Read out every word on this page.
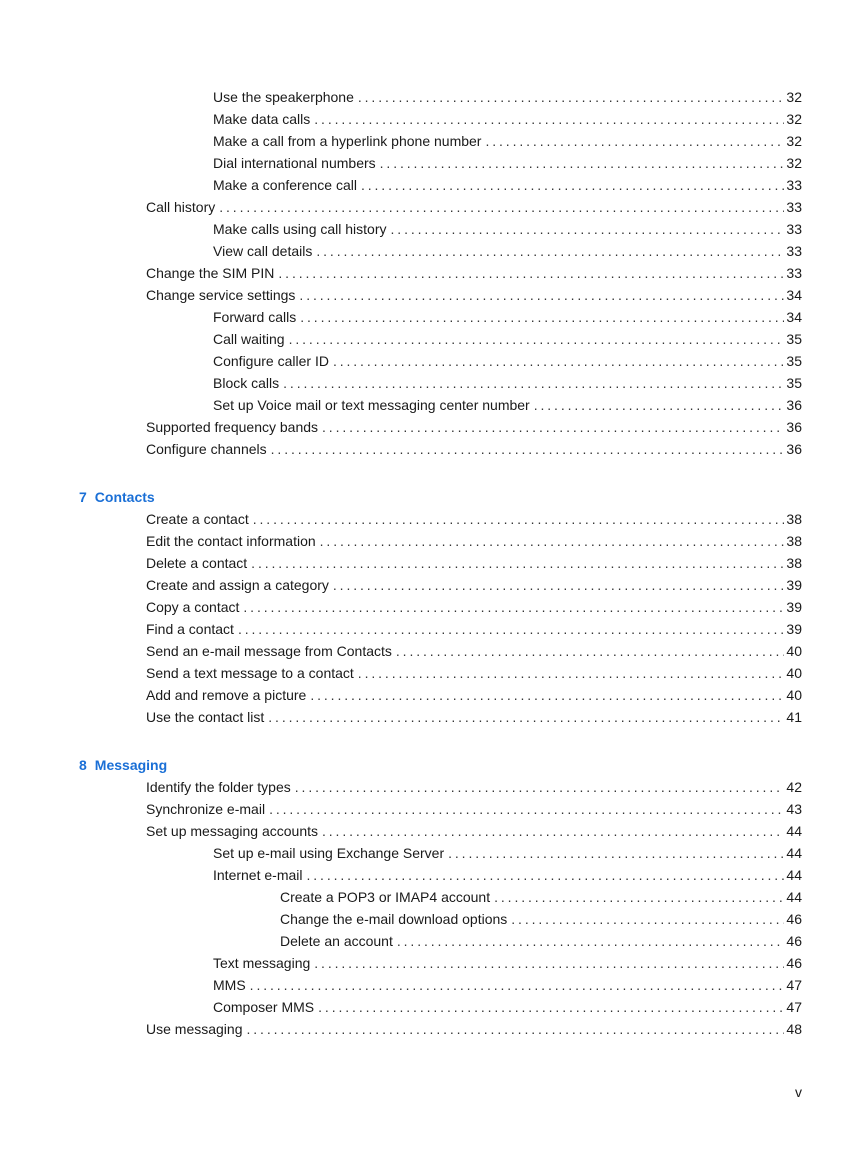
Use the speakerphone . . .	32
Make data calls . . .	32
Make a call from a hyperlink phone number . . .	32
Dial international numbers . . .	32
Make a conference call . . .	33
Call history . . .	33
Make calls using call history . . .	33
View call details . . .	33
Change the SIM PIN . . .	33
Change service settings . . .	34
Forward calls . . .	34
Call waiting . . .	35
Configure caller ID . . .	35
Block calls . . .	35
Set up Voice mail or text messaging center number . . .	36
Supported frequency bands . . .	36
Configure channels . . .	36
7 Contacts
Create a contact . . .	38
Edit the contact information . . .	38
Delete a contact . . .	38
Create and assign a category . . .	39
Copy a contact . . .	39
Find a contact . . .	39
Send an e-mail message from Contacts . . .	40
Send a text message to a contact . . .	40
Add and remove a picture . . .	40
Use the contact list . . .	41
8 Messaging
Identify the folder types . . .	42
Synchronize e-mail . . .	43
Set up messaging accounts . . .	44
Set up e-mail using Exchange Server . . .	44
Internet e-mail . . .	44
Create a POP3 or IMAP4 account . . .	44
Change the e-mail download options . . .	46
Delete an account . . .	46
Text messaging . . .	46
MMS . . .	47
Composer MMS . . .	47
Use messaging . . .	48
v
